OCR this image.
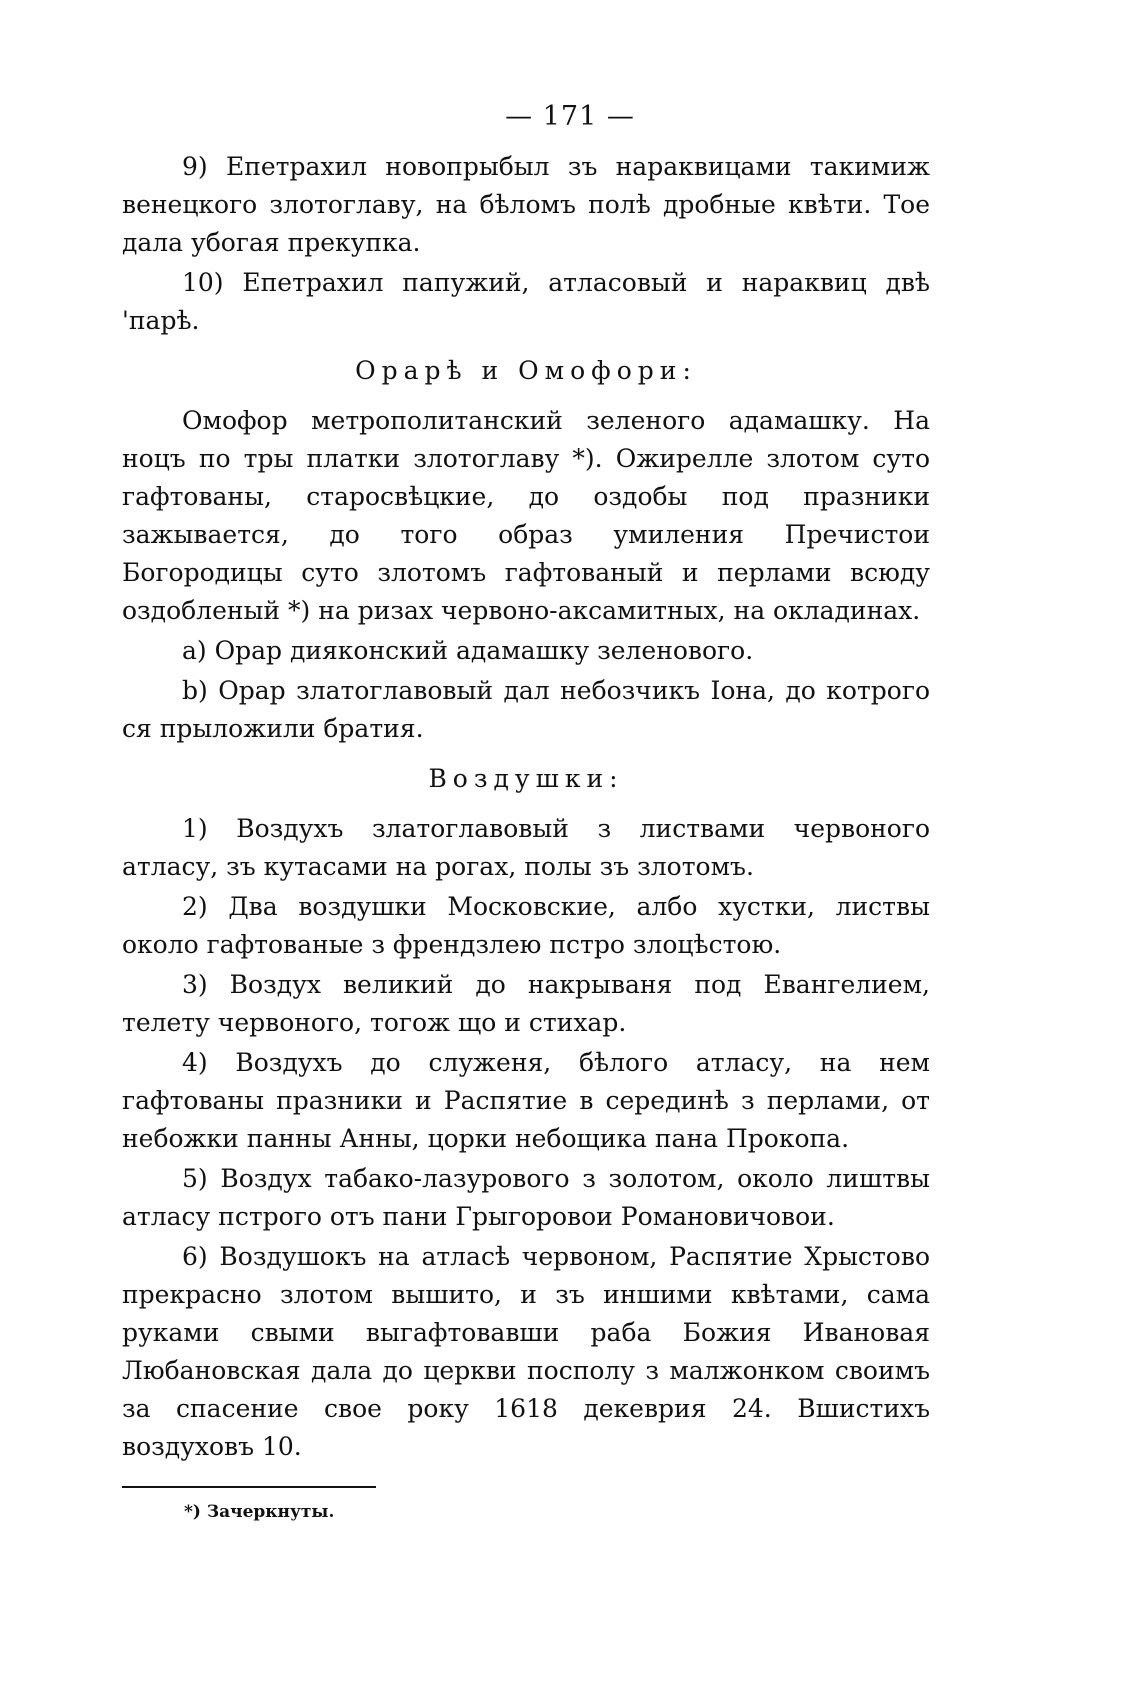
— 171 —

9) Епетрахил новопрыбыл зъ нараквицами такимиж венецкого злотоглаву, на бѣломъ полѣ дробные квѣти. Тое дала убогая прекупка.

10) Епетрахил папужий, атласовый и нараквиц двѣ 'парѣ.

Орарѣ и Омофори:

Омофор метрополитанский зеленого адамашку. На ноцъ по тры платки злотоглаву *). Ожирелле злотом суто гафтованы, старосвѣцкие, до оздобы под празники зажывается, до того образ умиления Пречистои Богородицы суто злотомъ гафтованый и перлами всюду оздобленый *) на ризах червоно-аксамитных, на окладинах.

a) Орар дияконский адамашку зеленового.

b) Орар златоглавовый дал небозчикъ Іона, до котрого ся прыложили братия.

Воздушки:

1) Воздухъ златоглавовый з листвами червоного атласу, зъ кутасами на рогах, полы зъ злотомъ.

2) Два воздушки Московские, албо хустки, листвы около гафтованые з френдзлею пстро злоцѣстою.

3) Воздух великий до накрываня под Евангелием, телету червоного, тогож що и стихар.

4) Воздухъ до служеня, бѣлого атласу, на нем гафтованы празники и Распятие в серединѣ з перлами, от небожки панны Анны, цорки небощика пана Прокопа.

5) Воздух табако-лазурового з золотом, около лиштвы атласу пстрого отъ пани Грыгоровои Романовичовои.

6) Воздушокъ на атласѣ червоном, Распятие Хрыстово прекрасно злотом вышито, и зъ иншими квѣтами, сама руками свыми выгафтовавши раба Божия Ивановая Любановская дала до церкви посполу з малжонком своимъ за спасение свое року 1618 декеврия 24. Вшистихъ воздуховъ 10.

*) Зачеркнуты.
